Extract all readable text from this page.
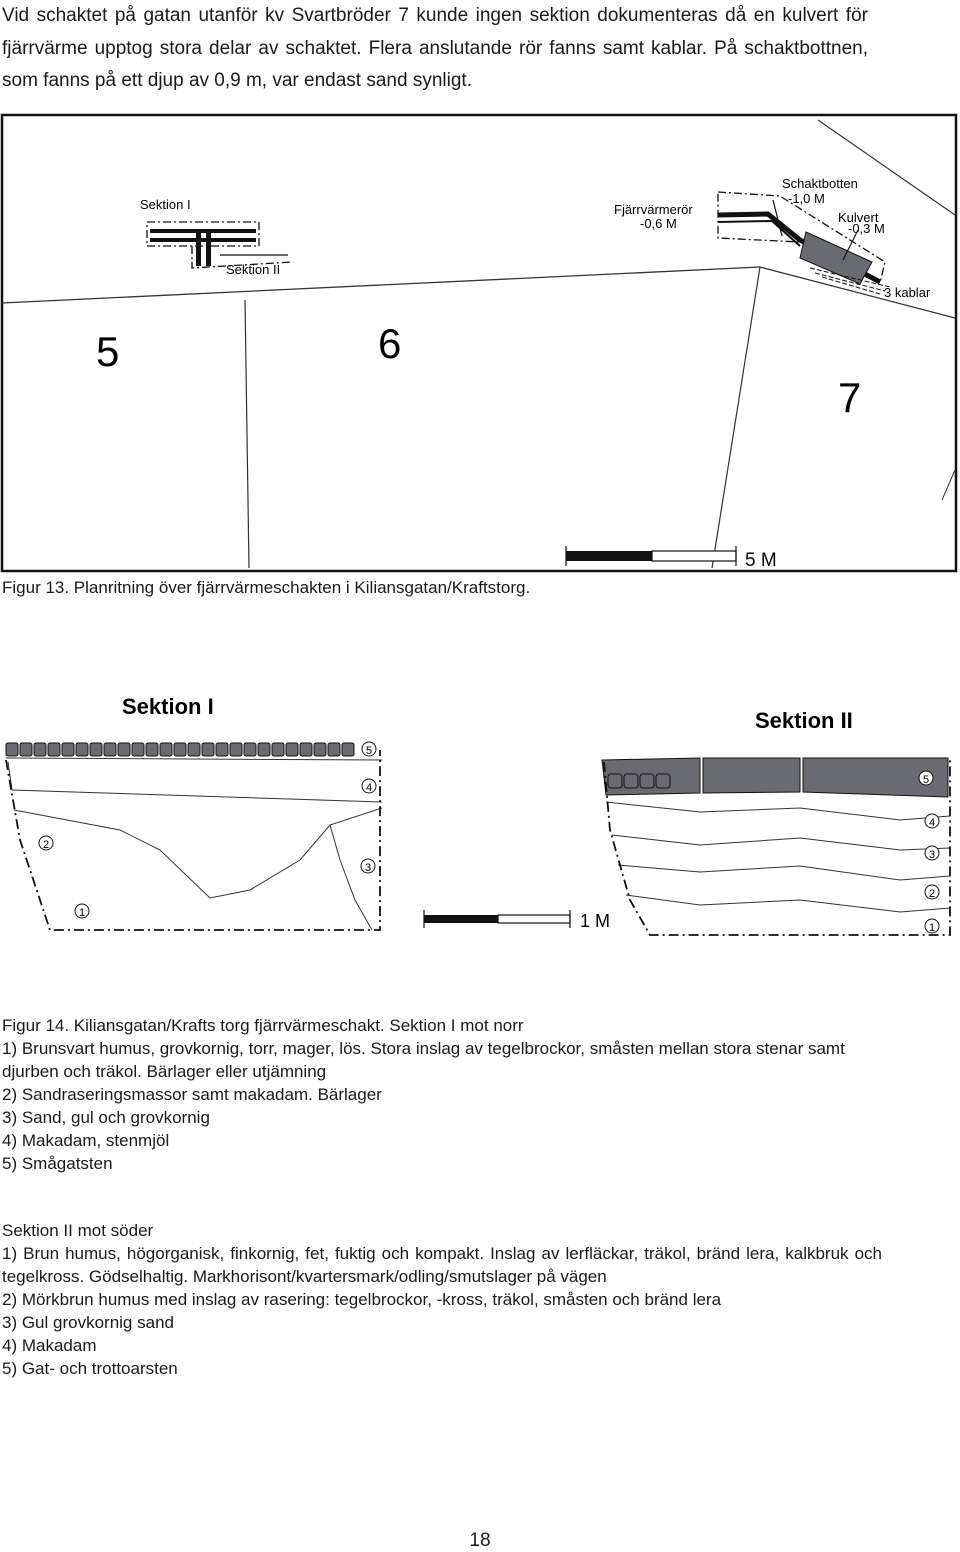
Vid schaktet på gatan utanför kv Svartbröder 7 kunde ingen sektion dokumenteras då en kulvert för fjärrvärme upptog stora delar av schaktet. Flera anslutande rör fanns samt kablar. På schaktbottnen, som fanns på ett djup av 0,9 m, var endast sand synligt.
Sektion I
Sektion II
Fjärrvärmerör
-0,6 M
Schaktbotten
-1,0 M
Kulvert
-0,3 M
3 kablar
5	6
7
5 M
Sektion I
5
4
3
2
1	1 M
Sektion II
5
4
3
2
1
Figur 13. Planritning över fjärrvärmeschakten i Kiliansgatan/Kraftstorg.

Figur 14. Kiliansgatan/Krafts torg fjärrvärmeschakt. Sektion I mot norr

1) Brunsvart humus, grovkornig, torr, mager, lös. Stora inslag av tegelbrockor, småsten mellan stora stenar samt djurben och träkol. Bärlager eller utjämning

2) Sandraseringsmassor samt makadam. Bärlager

3) Sand, gul och grovkornig

4) Makadam, stenmjöl

5) Smågatsten

Sektion II mot söder

1) Brun humus, högorganisk, finkornig, fet, fuktig och kompakt. Inslag av lerfläckar, träkol, bränd lera, kalkbruk och tegelkross. Gödselhaltig. Markhorisont/kvartersmark/odling/smutslager på vägen

2) Mörkbrun humus med inslag av rasering: tegelbrockor, -kross, träkol, småsten och bränd lera

3) Gul grovkornig sand

4) Makadam

5) Gat- och trottoarsten

18
